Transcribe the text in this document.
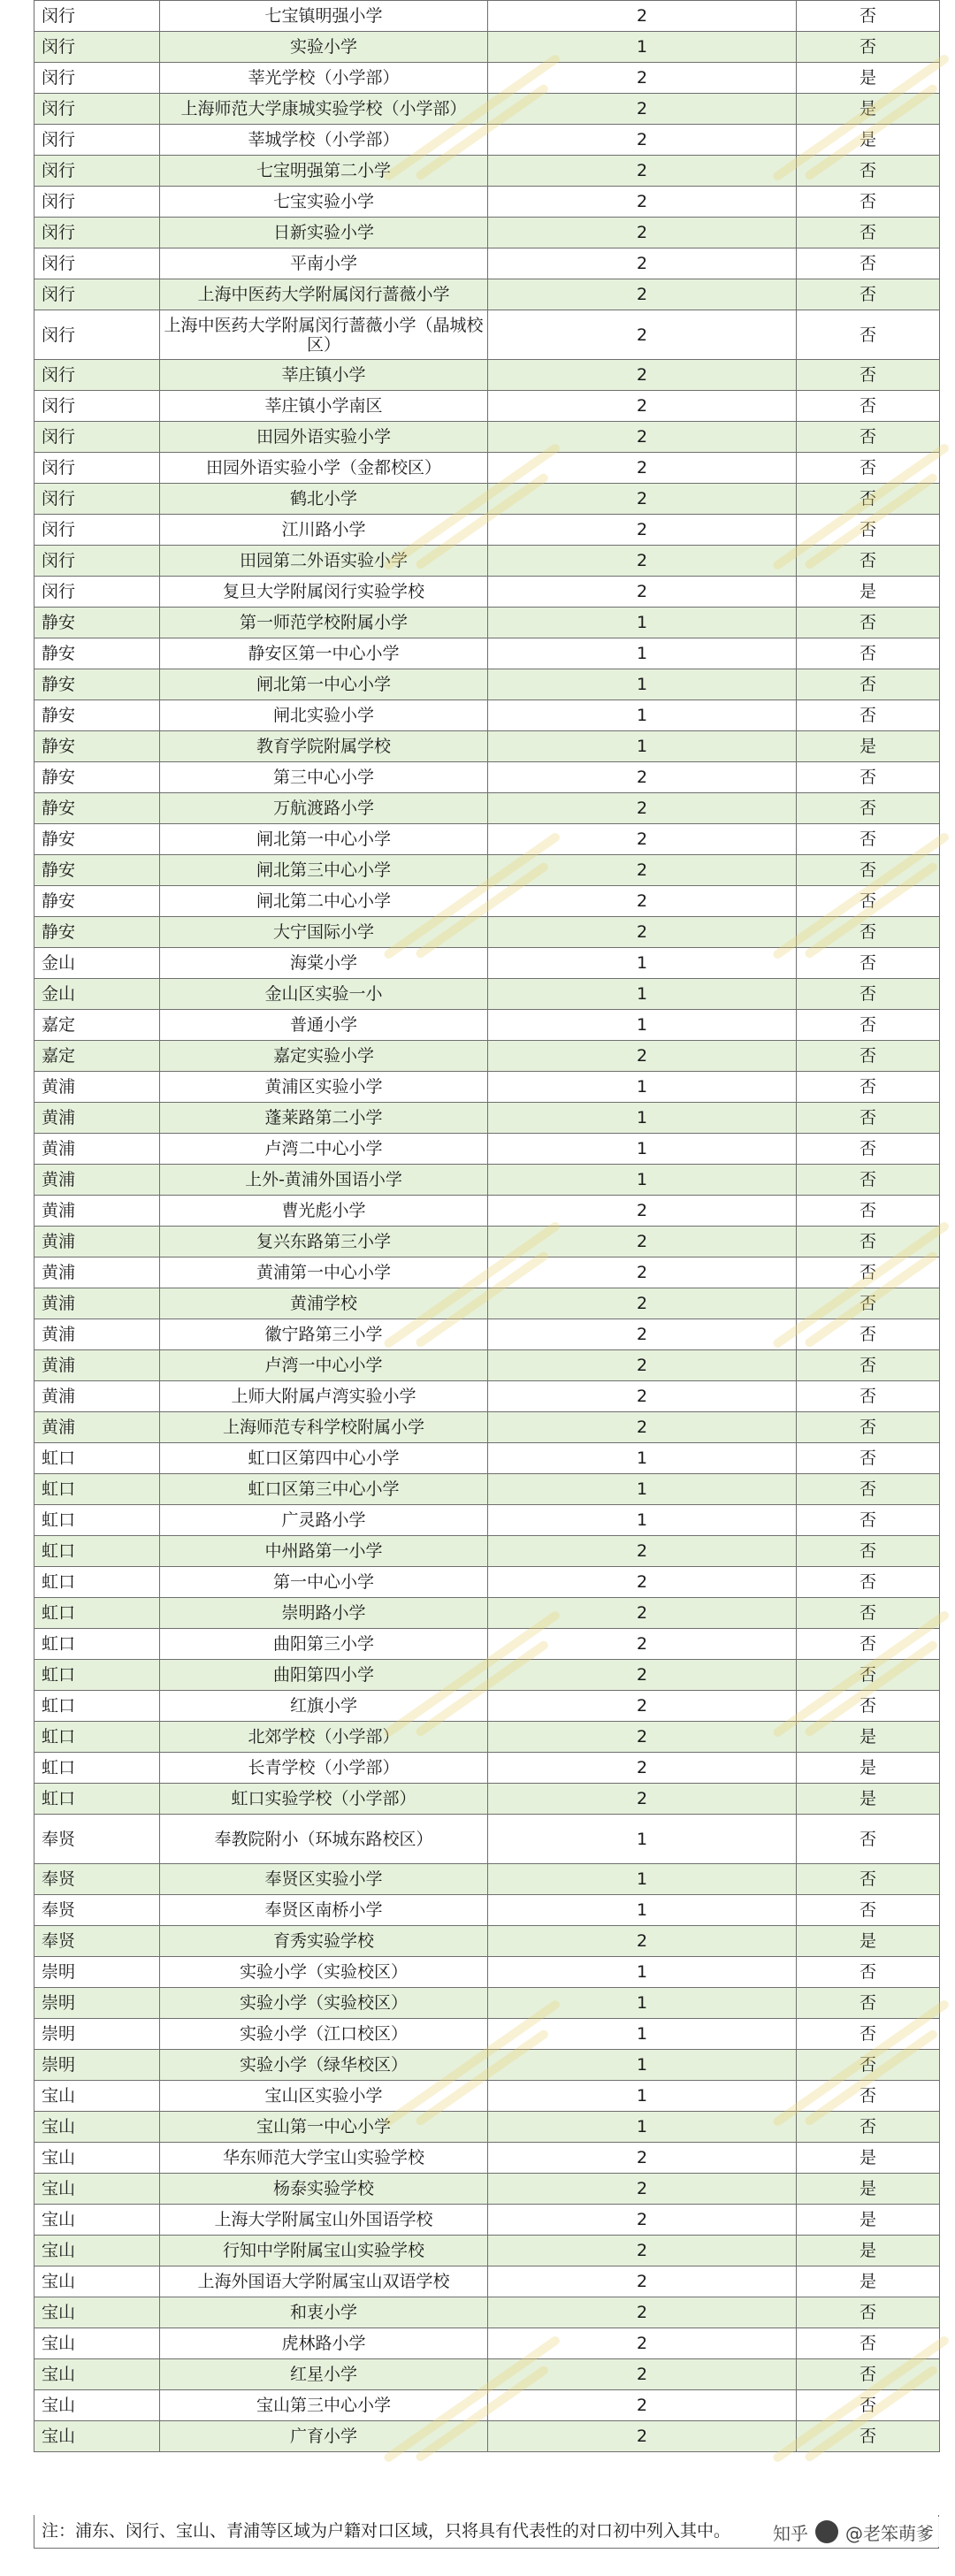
闵行	七宝镇明强小学	2	否
闵行	实验小学	1	否
闵行	莘光学校（小学部）	2	是
闵行	上海师范大学康城实验学校（小学部）	2	是
闵行	莘城学校（小学部）	2	是
闵行	七宝明强第二小学	2	否
闵行	七宝实验小学	2	否
闵行	日新实验小学	2	否
闵行	平南小学	2	否
闵行	上海中医药大学附属闵行蔷薇小学	2	否
闵行	上海中医药大学附属闵行蔷薇小学（晶城校区）	2	否
闵行	莘庄镇小学	2	否
闵行	莘庄镇小学南区	2	否
闵行	田园外语实验小学	2	否
闵行	田园外语实验小学（金都校区）	2	否
闵行	鹤北小学	2	否
闵行	江川路小学	2	否
闵行	田园第二外语实验小学	2	否
闵行	复旦大学附属闵行实验学校	2	是
静安	第一师范学校附属小学	1	否
静安	静安区第一中心小学	1	否
静安	闸北第一中心小学	1	否
静安	闸北实验小学	1	否
静安	教育学院附属学校	1	是
静安	第三中心小学	2	否
静安	万航渡路小学	2	否
静安	闸北第一中心小学	2	否
静安	闸北第三中心小学	2	否
静安	闸北第二中心小学	2	否
静安	大宁国际小学	2	否
金山	海棠小学	1	否
金山	金山区实验一小	1	否
嘉定	普通小学	1	否
嘉定	嘉定实验小学	2	否
黄浦	黄浦区实验小学	1	否
黄浦	蓬莱路第二小学	1	否
黄浦	卢湾二中心小学	1	否
黄浦	上外-黄浦外国语小学	1	否
黄浦	曹光彪小学	2	否
黄浦	复兴东路第三小学	2	否
黄浦	黄浦第一中心小学	2	否
黄浦	黄浦学校	2	否
黄浦	徽宁路第三小学	2	否
黄浦	卢湾一中心小学	2	否
黄浦	上师大附属卢湾实验小学	2	否
黄浦	上海师范专科学校附属小学	2	否
虹口	虹口区第四中心小学	1	否
虹口	虹口区第三中心小学	1	否
虹口	广灵路小学	1	否
虹口	中州路第一小学	2	否
虹口	第一中心小学	2	否
虹口	崇明路小学	2	否
虹口	曲阳第三小学	2	否
虹口	曲阳第四小学	2	否
虹口	红旗小学	2	否
虹口	北郊学校（小学部）	2	是
虹口	长青学校（小学部）	2	是
虹口	虹口实验学校（小学部）	2	是
奉贤	奉教院附小（环城东路校区）	1	否
奉贤	奉贤区实验小学	1	否
奉贤	奉贤区南桥小学	1	否
奉贤	育秀实验学校	2	是
崇明	实验小学（实验校区）	1	否
崇明	实验小学（实验校区）	1	否
崇明	实验小学（江口校区）	1	否
崇明	实验小学（绿华校区）	1	否
宝山	宝山区实验小学	1	否
宝山	宝山第一中心小学	1	否
宝山	华东师范大学宝山实验学校	2	是
宝山	杨泰实验学校	2	是
宝山	上海大学附属宝山外国语学校	2	是
宝山	行知中学附属宝山实验学校	2	是
宝山	上海外国语大学附属宝山双语学校	2	是
宝山	和衷小学	2	否
宝山	虎林路小学	2	否
宝山	红星小学	2	否
宝山	宝山第三中心小学	2	否
宝山	广育小学	2	否
注：浦东、闵行、宝山、青浦等区域为户籍对口区域，只将具有代表性的对口初中列入其中。	知乎 @老笨萌爹
